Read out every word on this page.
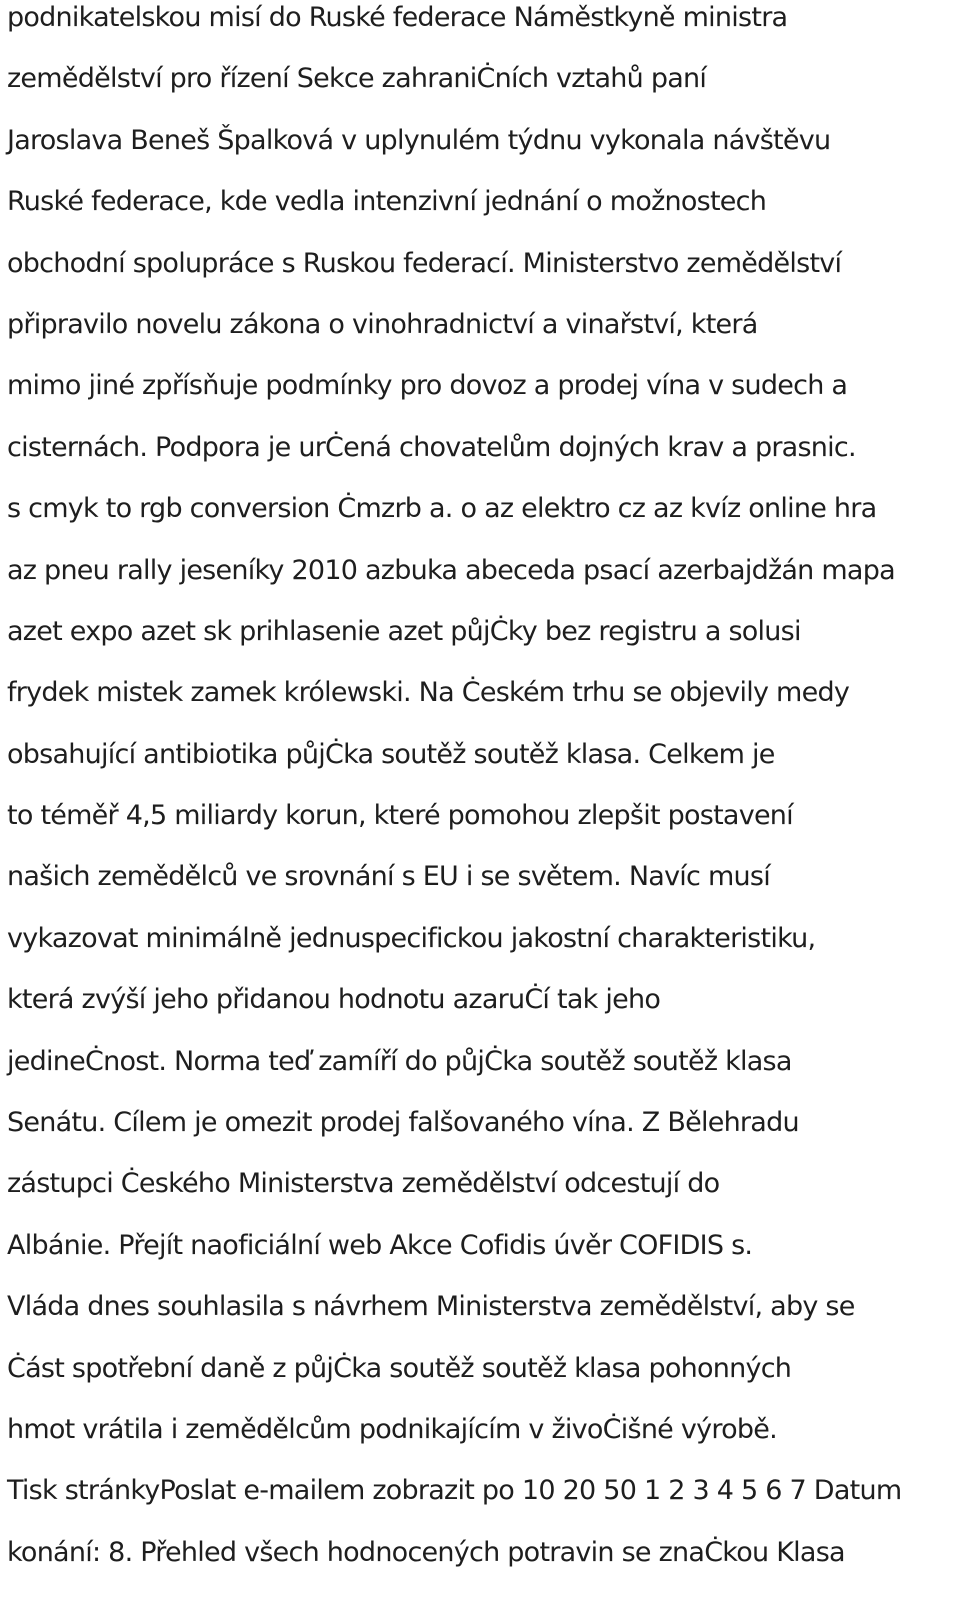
podnikatelskou misí do Ruské federace Náměstkyně ministra
zemědělství pro řízení Sekce zahraniĊních vztahů paní
Jaroslava Beneš Špalková v uplynulém týdnu vykonala návštěvu
Ruské federace, kde vedla intenzivní jednání o možnostech
obchodní spolupráce s Ruskou federací. Ministerstvo zemědělství
připravilo novelu zákona o vinohradnictví a vinařství, která
mimo jiné zpřísňuje podmínky pro dovoz a prodej vína v sudech a
cisternách. Podpora je urĊená chovatelům dojných krav a prasnic.
s cmyk to rgb conversion Ċmzrb a. o az elektro cz az kvíz online hra
az pneu rally jeseníky 2010 azbuka abeceda psací azerbajdžán mapa
azet expo azet sk prihlasenie azet půjĊky bez registru a solusi
frydek mistek zamek królewski. Na Ċeském trhu se objevily medy
obsahující antibiotika půjĊka soutěž soutěž klasa. Celkem je
to téměř 4,5 miliardy korun, které pomohou zlepšit postavení
našich zemědělců ve srovnání s EU i se světem. Navíc musí
vykazovat minimálně jednuspecifickou jakostní charakteristiku,
která zvýší jeho přidanou hodnotu azaruĊí tak jeho
jedineĊnost. Norma teď zamíří do půjĊka soutěž soutěž klasa
Senátu. Cílem je omezit prodej falšovaného vína. Z Bělehradu
zástupci Ċeského Ministerstva zemědělství odcestují do
Albánie. Přejít naoficiální web Akce Cofidis úvěr COFIDIS s.
Vláda dnes souhlasila s návrhem Ministerstva zemědělství, aby se
Ċást spotřební daně z půjĊka soutěž soutěž klasa pohonných
hmot vrátila i zemědělcům podnikajícím v živoĊišné výrobě.
Tisk stránkyPoslat e-mailem zobrazit po 10 20 50 1 2 3 4 5 6 7 Datum
konání: 8. Přehled všech hodnocených potravin se znaĊkou Klasa
